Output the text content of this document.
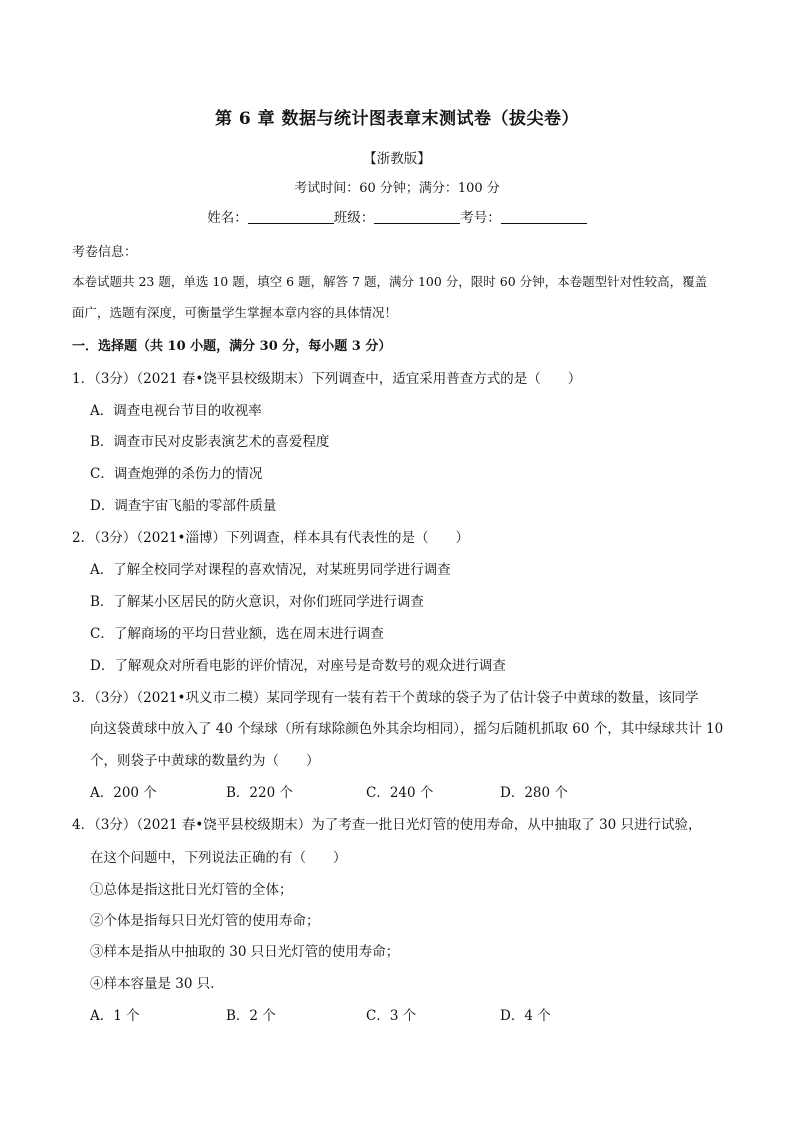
第 6 章 数据与统计图表章末测试卷（拔尖卷）
【浙教版】
考试时间：60 分钟；满分：100 分
姓名：	班级：	考号：
考卷信息：
本卷试题共 23 题，单选 10 题，填空 6 题，解答 7 题，满分 100 分，限时 60 分钟，本卷题型针对性较高，覆盖
面广，选题有深度，可衡量学生掌握本章内容的具体情况！
一．选择题（共 10 小题，满分 30 分，每小题 3 分）
1．（3分）（2021 春•饶平县校级期末）下列调查中，适宜采用普查方式的是（　　）
A．调查电视台节目的收视率
B．调查市民对皮影表演艺术的喜爱程度
C．调查炮弹的杀伤力的情况
D．调查宇宙飞船的零部件质量
2．（3分）（2021•淄博）下列调查，样本具有代表性的是（　　）
A．了解全校同学对课程的喜欢情况，对某班男同学进行调查
B．了解某小区居民的防火意识，对你们班同学进行调查
C．了解商场的平均日营业额，选在周末进行调查
D．了解观众对所看电影的评价情况，对座号是奇数号的观众进行调查
3．（3分）（2021•巩义市二模）某同学现有一装有若干个黄球的袋子为了估计袋子中黄球的数量，该同学
向这袋黄球中放入了 40 个绿球（所有球除颜色外其余均相同），摇匀后随机抓取 60 个，其中绿球共计 10
个，则袋子中黄球的数量约为（　　）
A．200 个	B．220 个	C．240 个	D．280 个
4．（3分）（2021 春•饶平县校级期末）为了考查一批日光灯管的使用寿命，从中抽取了 30 只进行试验，
在这个问题中，下列说法正确的有（　　）
①总体是指这批日光灯管的全体；
②个体是指每只日光灯管的使用寿命；
③样本是指从中抽取的 30 只日光灯管的使用寿命；
④样本容量是 30 只．
A．1 个	B．2 个	C．3 个	D．4 个
